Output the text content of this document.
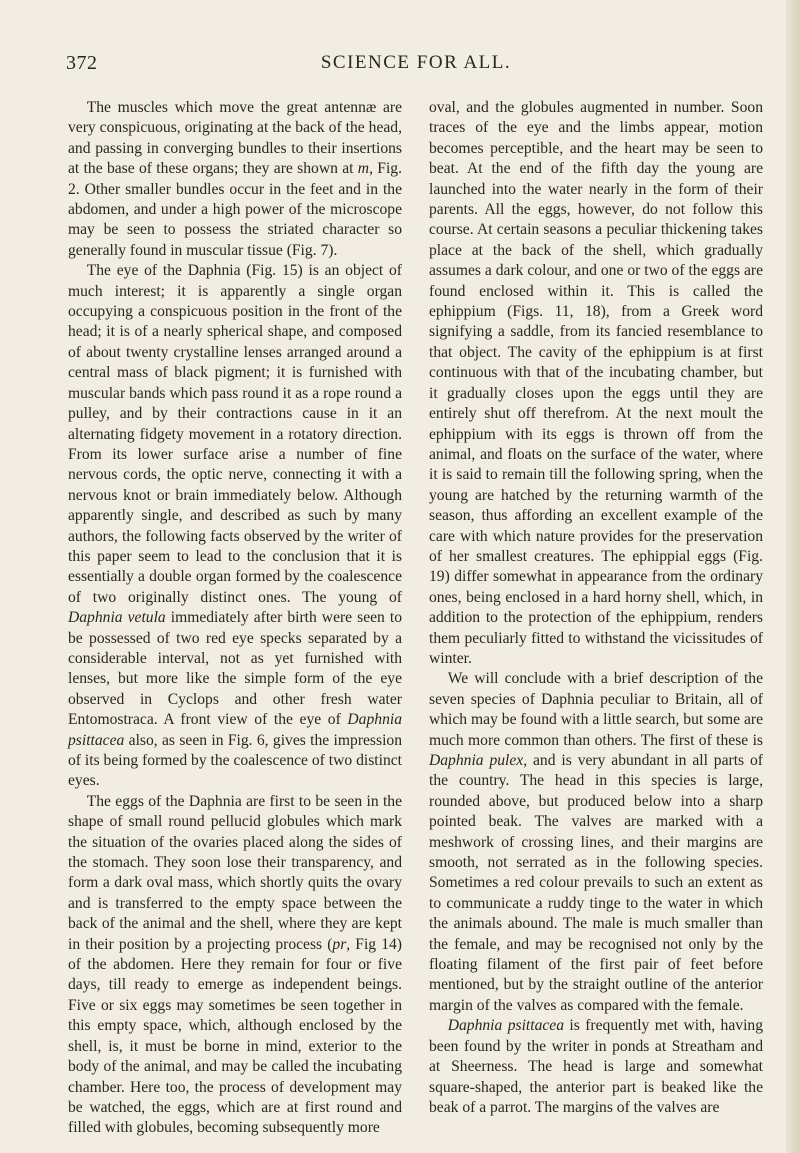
372	SCIENCE FOR ALL.

The muscles which move the great antennæ are very conspicuous, originating at the back of the head, and passing in converging bundles to their insertions at the base of these organs; they are shown at m, Fig. 2. Other smaller bundles occur in the feet and in the abdomen, and under a high power of the microscope may be seen to possess the striated character so generally found in muscular tissue (Fig. 7).

The eye of the Daphnia (Fig. 15) is an object of much interest; it is apparently a single organ occupying a conspicuous position in the front of the head; it is of a nearly spherical shape, and composed of about twenty crystalline lenses arranged around a central mass of black pigment; it is furnished with muscular bands which pass round it as a rope round a pulley, and by their contractions cause in it an alternating fidgety movement in a rotatory direction. From its lower surface arise a number of fine nervous cords, the optic nerve, connecting it with a nervous knot or brain immediately below. Although apparently single, and described as such by many authors, the following facts observed by the writer of this paper seem to lead to the conclusion that it is essentially a double organ formed by the coalescence of two originally distinct ones. The young of Daphnia vetula immediately after birth were seen to be possessed of two red eye specks separated by a considerable interval, not as yet furnished with lenses, but more like the simple form of the eye observed in Cyclops and other fresh water Entomostraca. A front view of the eye of Daphnia psittacea also, as seen in Fig. 6, gives the impression of its being formed by the coalescence of two distinct eyes.

The eggs of the Daphnia are first to be seen in the shape of small round pellucid globules which mark the situation of the ovaries placed along the sides of the stomach. They soon lose their transparency, and form a dark oval mass, which shortly quits the ovary and is transferred to the empty space between the back of the animal and the shell, where they are kept in their position by a projecting process (pr, Fig 14) of the abdomen. Here they remain for four or five days, till ready to emerge as independent beings. Five or six eggs may sometimes be seen together in this empty space, which, although enclosed by the shell, is, it must be borne in mind, exterior to the body of the animal, and may be called the incubating chamber. Here too, the process of development may be watched, the eggs, which are at first round and filled with globules, becoming subsequently more

oval, and the globules augmented in number. Soon traces of the eye and the limbs appear, motion becomes perceptible, and the heart may be seen to beat. At the end of the fifth day the young are launched into the water nearly in the form of their parents. All the eggs, however, do not follow this course. At certain seasons a peculiar thickening takes place at the back of the shell, which gradually assumes a dark colour, and one or two of the eggs are found enclosed within it. This is called the ephippium (Figs. 11, 18), from a Greek word signifying a saddle, from its fancied resemblance to that object. The cavity of the ephippium is at first continuous with that of the incubating chamber, but it gradually closes upon the eggs until they are entirely shut off therefrom. At the next moult the ephippium with its eggs is thrown off from the animal, and floats on the surface of the water, where it is said to remain till the following spring, when the young are hatched by the returning warmth of the season, thus affording an excellent example of the care with which nature provides for the preservation of her smallest creatures. The ephippial eggs (Fig. 19) differ somewhat in appearance from the ordinary ones, being enclosed in a hard horny shell, which, in addition to the protection of the ephippium, renders them peculiarly fitted to withstand the vicissitudes of winter.

We will conclude with a brief description of the seven species of Daphnia peculiar to Britain, all of which may be found with a little search, but some are much more common than others. The first of these is Daphnia pulex, and is very abundant in all parts of the country. The head in this species is large, rounded above, but produced below into a sharp pointed beak. The valves are marked with a meshwork of crossing lines, and their margins are smooth, not serrated as in the following species. Sometimes a red colour prevails to such an extent as to communicate a ruddy tinge to the water in which the animals abound. The male is much smaller than the female, and may be recognised not only by the floating filament of the first pair of feet before mentioned, but by the straight outline of the anterior margin of the valves as compared with the female.

Daphnia psittacea is frequently met with, having been found by the writer in ponds at Streatham and at Sheerness. The head is large and somewhat square-shaped, the anterior part is beaked like the beak of a parrot. The margins of the valves are
